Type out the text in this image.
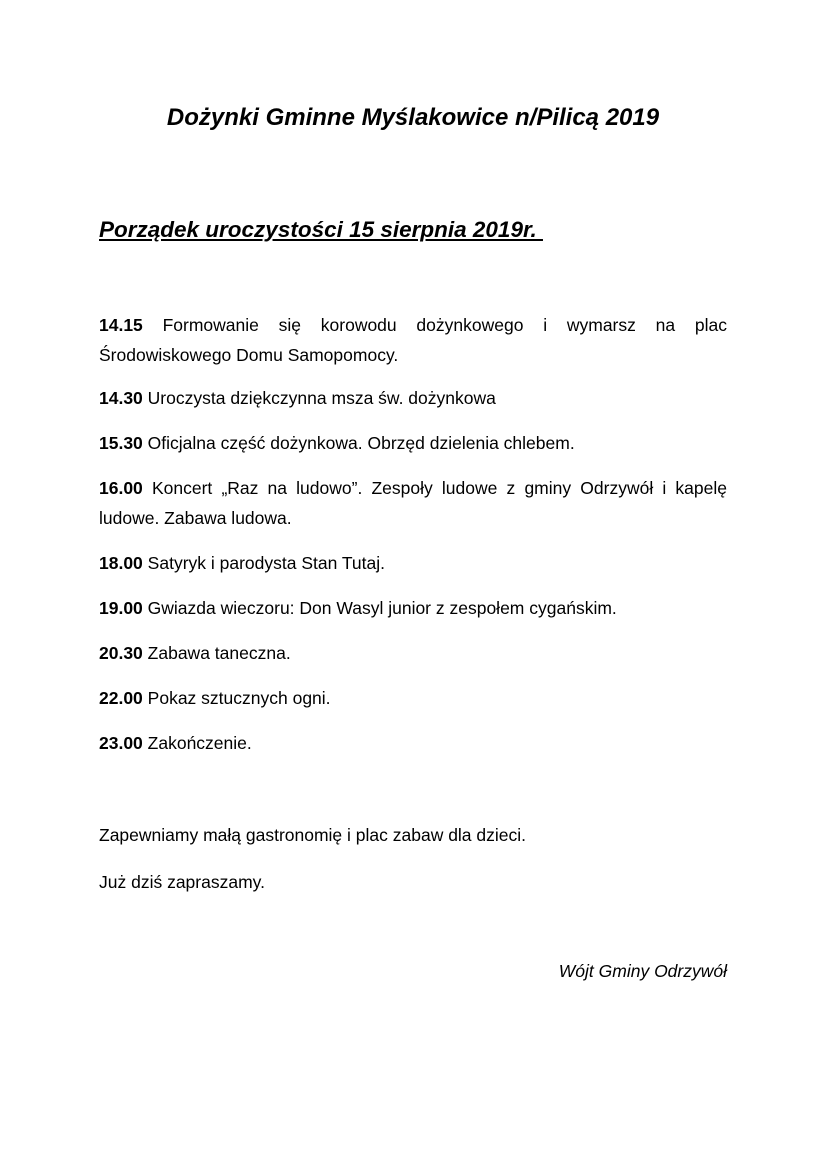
Dożynki Gminne Myślakowice n/Pilicą 2019
Porządek uroczystości 15 sierpnia 2019r.
14.15 Formowanie się korowodu dożynkowego i wymarsz na plac Środowiskowego Domu Samopomocy.
14.30 Uroczysta dziękczynna msza św. dożynkowa
15.30 Oficjalna część dożynkowa. Obrzęd dzielenia chlebem.
16.00 Koncert „Raz na ludowo”. Zespoły ludowe z gminy Odrzywół i kapelę ludowe. Zabawa ludowa.
18.00 Satyryk i parodysta Stan Tutaj.
19.00 Gwiazda wieczoru: Don Wasyl junior z zespołem cygańskim.
20.30 Zabawa taneczna.
22.00 Pokaz sztucznych ogni.
23.00 Zakończenie.
Zapewniamy małą gastronomię i plac zabaw dla dzieci.
Już dziś zapraszamy.
Wójt Gminy Odrzywół
